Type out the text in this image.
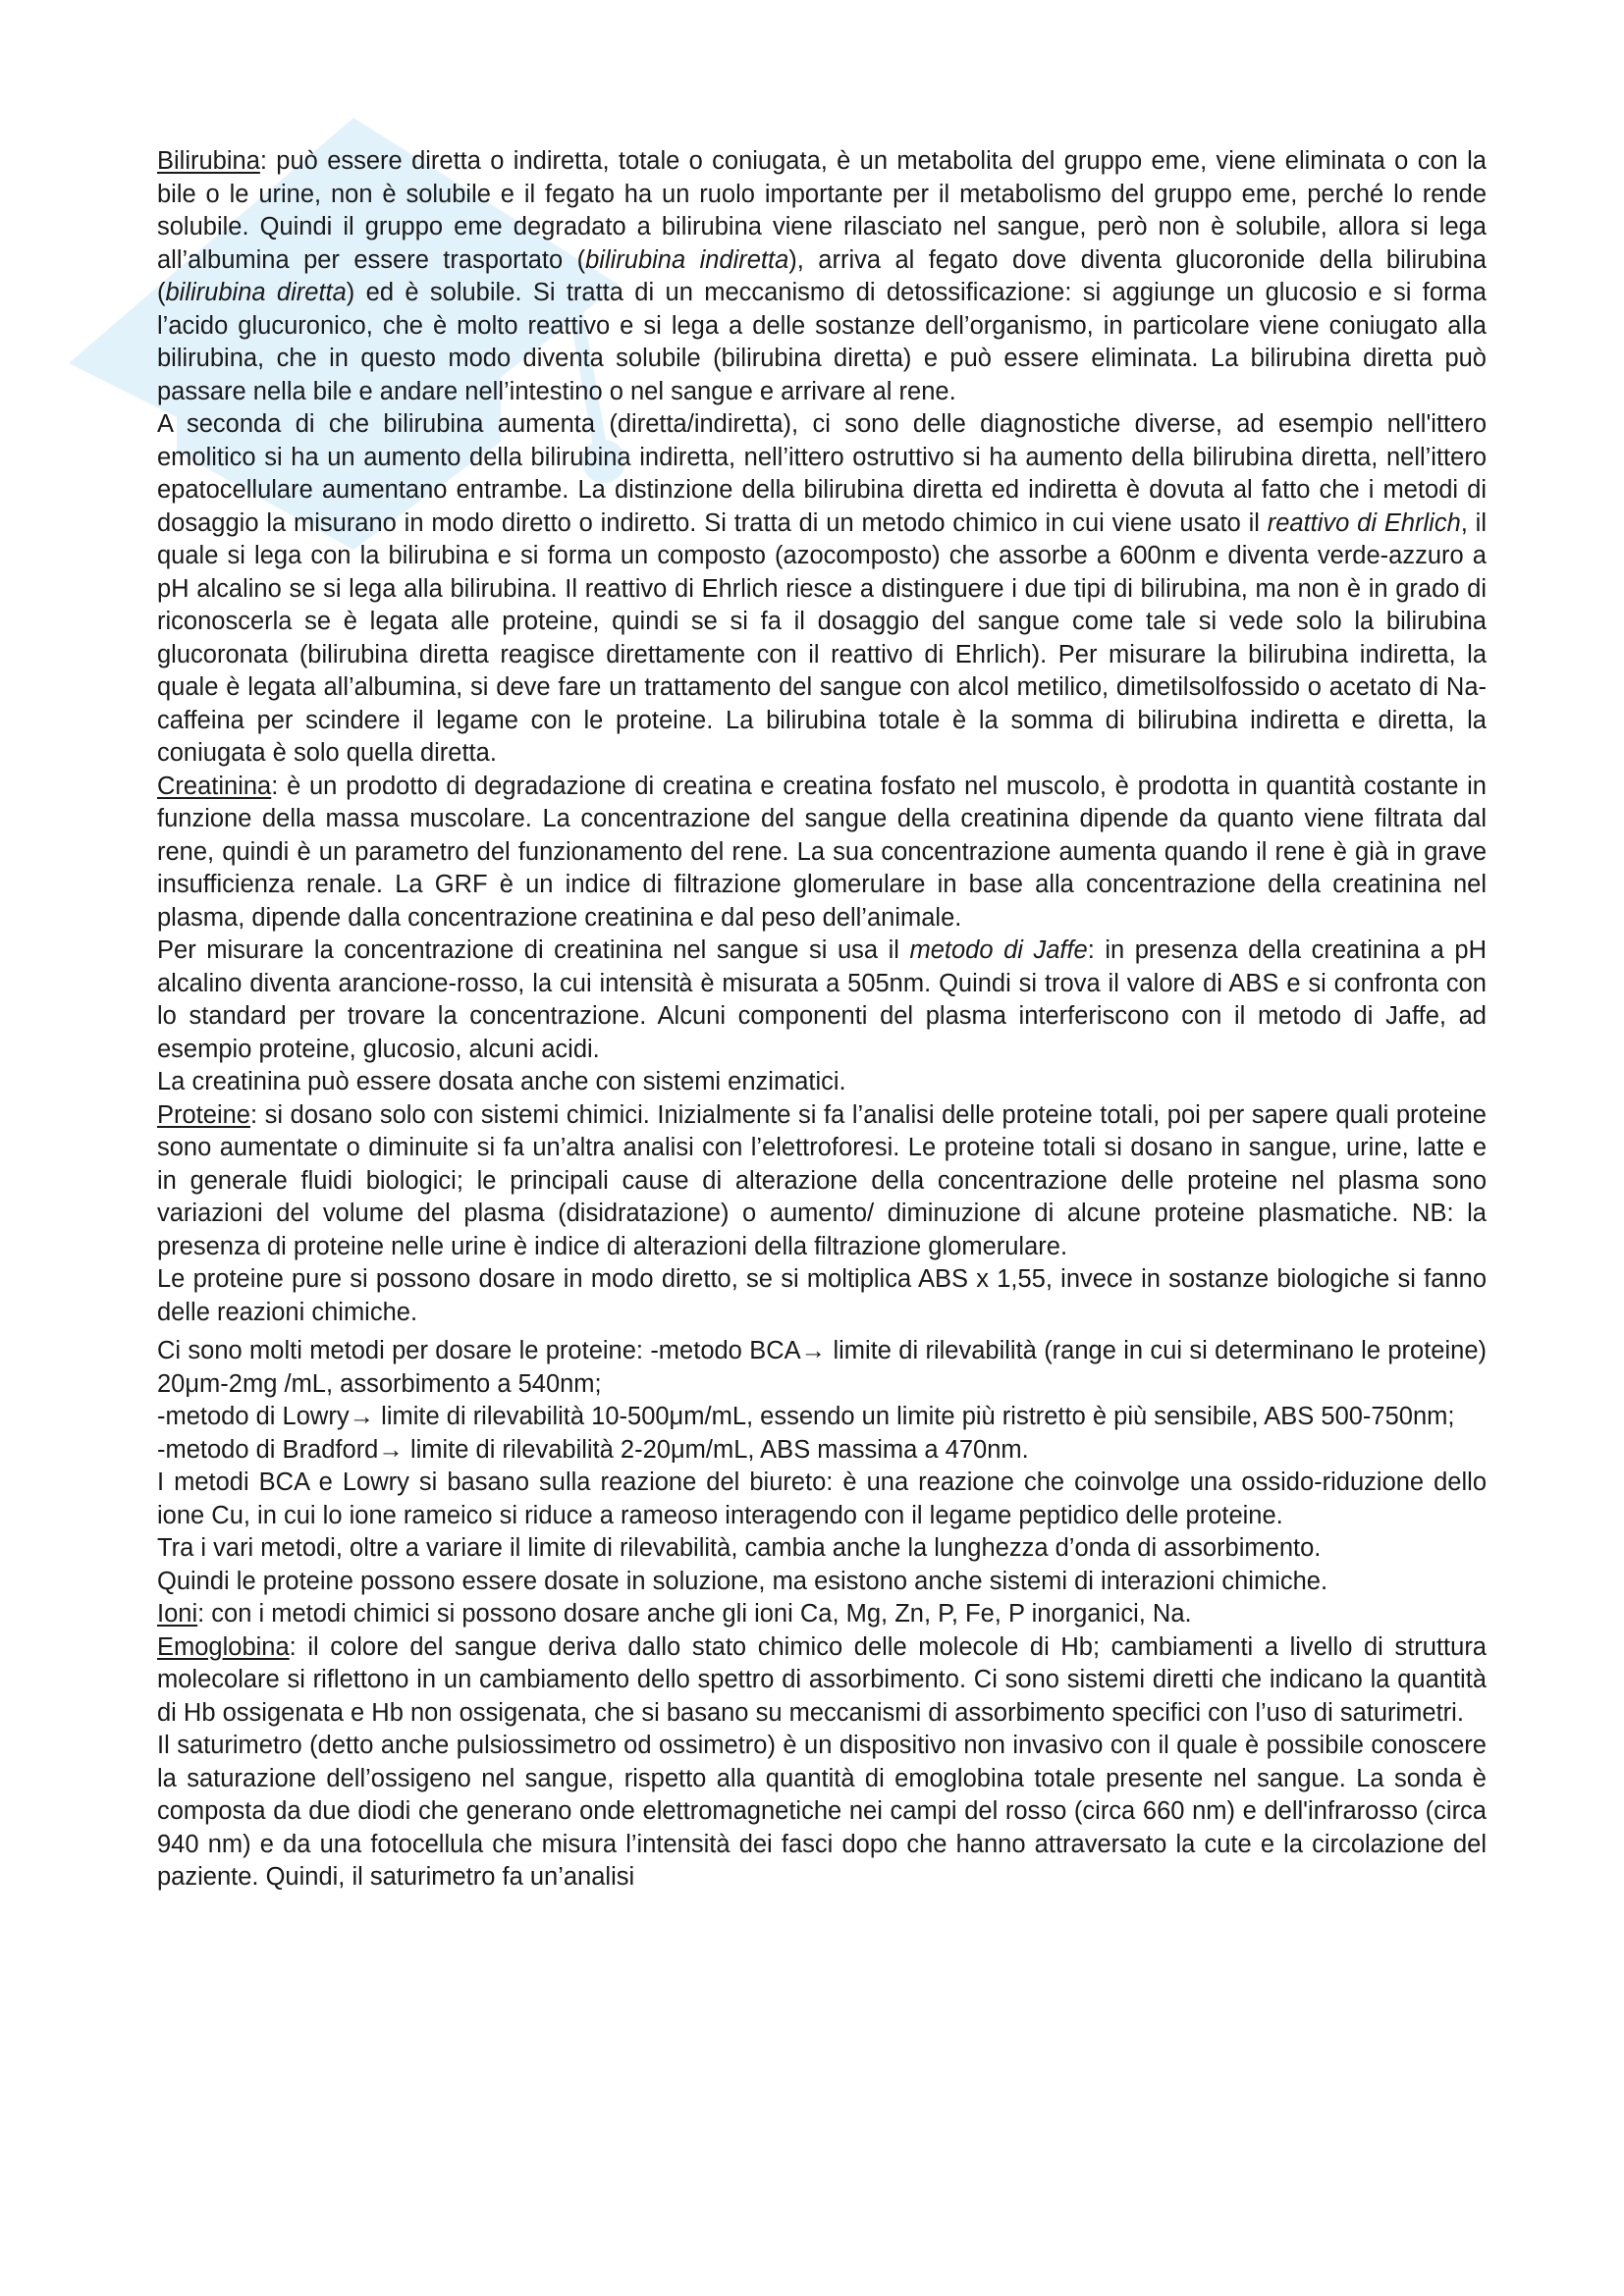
Bilirubina: può essere diretta o indiretta, totale o coniugata, è un metabolita del gruppo eme, viene eliminata o con la bile o le urine, non è solubile e il fegato ha un ruolo importante per il metabolismo del gruppo eme, perché lo rende solubile. Quindi il gruppo eme degradato a bilirubina viene rilasciato nel sangue, però non è solubile, allora si lega all’albumina per essere trasportato (bilirubina indiretta), arriva al fegato dove diventa glucoronide della bilirubina (bilirubina diretta) ed è solubile. Si tratta di un meccanismo di detossificazione: si aggiunge un glucosio e si forma l’acido glucuronico, che è molto reattivo e si lega a delle sostanze dell’organismo, in particolare viene coniugato alla bilirubina, che in questo modo diventa solubile (bilirubina diretta) e può essere eliminata. La bilirubina diretta può passare nella bile e andare nell’intestino o nel sangue e arrivare al rene.

A seconda di che bilirubina aumenta (diretta/indiretta), ci sono delle diagnostiche diverse, ad esempio nell'ittero emolitico si ha un aumento della bilirubina indiretta, nell’ittero ostruttivo si ha aumento della bilirubina diretta, nell’ittero epatocellulare aumentano entrambe. La distinzione della bilirubina diretta ed indiretta è dovuta al fatto che i metodi di dosaggio la misurano in modo diretto o indiretto. Si tratta di un metodo chimico in cui viene usato il reattivo di Ehrlich, il quale si lega con la bilirubina e si forma un composto (azocomposto) che assorbe a 600nm e diventa verde-azzuro a pH alcalino se si lega alla bilirubina. Il reattivo di Ehrlich riesce a distinguere i due tipi di bilirubina, ma non è in grado di riconoscerla se è legata alle proteine, quindi se si fa il dosaggio del sangue come tale si vede solo la bilirubina glucoronata (bilirubina diretta reagisce direttamente con il reattivo di Ehrlich). Per misurare la bilirubina indiretta, la quale è legata all’albumina, si deve fare un trattamento del sangue con alcol metilico, dimetilsolfossido o acetato di Na-caffeina per scindere il legame con le proteine. La bilirubina totale è la somma di bilirubina indiretta e diretta, la coniugata è solo quella diretta.

Creatinina: è un prodotto di degradazione di creatina e creatina fosfato nel muscolo, è prodotta in quantità costante in funzione della massa muscolare. La concentrazione del sangue della creatinina dipende da quanto viene filtrata dal rene, quindi è un parametro del funzionamento del rene. La sua concentrazione aumenta quando il rene è già in grave insufficienza renale. La GRF è un indice di filtrazione glomerulare in base alla concentrazione della creatinina nel plasma, dipende dalla concentrazione creatinina e dal peso dell’animale.

Per misurare la concentrazione di creatinina nel sangue si usa il metodo di Jaffe: in presenza della creatinina a pH alcalino diventa arancione-rosso, la cui intensità è misurata a 505nm. Quindi si trova il valore di ABS e si confronta con lo standard per trovare la concentrazione. Alcuni componenti del plasma interferiscono con il metodo di Jaffe, ad esempio proteine, glucosio, alcuni acidi.

La creatinina può essere dosata anche con sistemi enzimatici.

Proteine: si dosano solo con sistemi chimici. Inizialmente si fa l’analisi delle proteine totali, poi per sapere quali proteine sono aumentate o diminuite si fa un’altra analisi con l’elettroforesi. Le proteine totali si dosano in sangue, urine, latte e in generale fluidi biologici; le principali cause di alterazione della concentrazione delle proteine nel plasma sono variazioni del volume del plasma (disidratazione) o aumento/ diminuzione di alcune proteine plasmatiche. NB: la presenza di proteine nelle urine è indice di alterazioni della filtrazione glomerulare.

Le proteine pure si possono dosare in modo diretto, se si moltiplica ABS x 1,55, invece in sostanze biologiche si fanno delle reazioni chimiche.

Ci sono molti metodi per dosare le proteine: -metodo BCA→ limite di rilevabilità (range in cui si determinano le proteine) 20μm-2mg /mL, assorbimento a 540nm;

-metodo di Lowry→ limite di rilevabilità 10-500μm/mL, essendo un limite più ristretto è più sensibile, ABS 500-750nm;

-metodo di Bradford→ limite di rilevabilità 2-20μm/mL, ABS massima a 470nm.

I metodi BCA e Lowry si basano sulla reazione del biureto: è una reazione che coinvolge una ossido-riduzione dello ione Cu, in cui lo ione rameico si riduce a rameoso interagendo con il legame peptidico delle proteine.

Tra i vari metodi, oltre a variare il limite di rilevabilità, cambia anche la lunghezza d’onda di assorbimento.

Quindi le proteine possono essere dosate in soluzione, ma esistono anche sistemi di interazioni chimiche.

Ioni: con i metodi chimici si possono dosare anche gli ioni Ca, Mg, Zn, P, Fe, P inorganici, Na.

Emoglobina: il colore del sangue deriva dallo stato chimico delle molecole di Hb; cambiamenti a livello di struttura molecolare si riflettono in un cambiamento dello spettro di assorbimento. Ci sono sistemi diretti che indicano la quantità di Hb ossigenata e Hb non ossigenata, che si basano su meccanismi di assorbimento specifici con l’uso di saturimetri.

Il saturimetro (detto anche pulsiossimetro od ossimetro) è un dispositivo non invasivo con il quale è possibile conoscere la saturazione dell’ossigeno nel sangue, rispetto alla quantità di emoglobina totale presente nel sangue. La sonda è composta da due diodi che generano onde elettromagnetiche nei campi del rosso (circa 660 nm) e dell'infrarosso (circa 940 nm) e da una fotocellula che misura l’intensità dei fasci dopo che hanno attraversato la cute e la circolazione del paziente. Quindi, il saturimetro fa un’analisi
